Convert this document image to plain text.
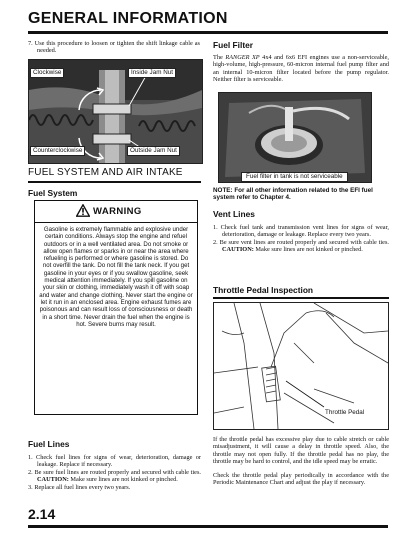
GENERAL INFORMATION

7. Use this procedure to loosen or tighten the shift linkage cable as needed.

Clockwise	Inside Jam Nut
Counterclockwise	Outside Jam Nut
FUEL SYSTEM AND AIR INTAKE
Fuel System
WARNING
Gasoline is extremely flammable and explosive under certain conditions. Always stop the engine and refuel outdoors or in a well ventilated area. Do not smoke or allow open flames or sparks in or near the area where refueling is performed or where gasoline is stored. Do not overfill the tank. Do not fill the tank neck. If you get gasoline in your eyes or if you swallow gasoline, seek medical attention immediately. If you spill gasoline on your skin or clothing, immediately wash it off with soap and water and change clothing. Never start the engine or let it run in an enclosed area. Engine exhaust fumes are poisonous and can result loss of consciousness or death in a short time. Never drain the fuel when the engine is hot. Severe burns may result.
Fuel Lines

1. Check fuel lines for signs of wear, deterioration, damage or leakage. Replace if necessary.

2. Be sure fuel lines are routed properly and secured with cable ties. CAUTION: Make sure lines are not kinked or pinched.

3. Replace all fuel lines every two years.

Fuel Filter

The RANGER XP 4x4 and 6x6 EFI engines use a non-serviceable, high-volume, high-pressure, 60-micron internal fuel pump filter and an internal 10-micron filter located before the pump regulator. Neither filter is serviceable.

Fuel filter in tank is not serviceable

NOTE: For all other information related to the EFI fuel system refer to Chapter 4.

Vent Lines

1. Check fuel tank and transmission vent lines for signs of wear, deterioration, damage or leakage. Replace every two years.

2. Be sure vent lines are routed properly and secured with cable ties. CAUTION: Make sure lines are not kinked or pinched.

Throttle Pedal Inspection
Throttle Pedal

If the throttle pedal has excessive play due to cable stretch or cable misadjustment, it will cause a delay in throttle speed. Also, the throttle may not open fully. If the throttle pedal has no play, the throttle may be hard to control, and the idle speed may be erratic.

Check the throttle pedal play periodically in accordance with the Periodic Maintenance Chart and adjust the play if necessary.

2.14
